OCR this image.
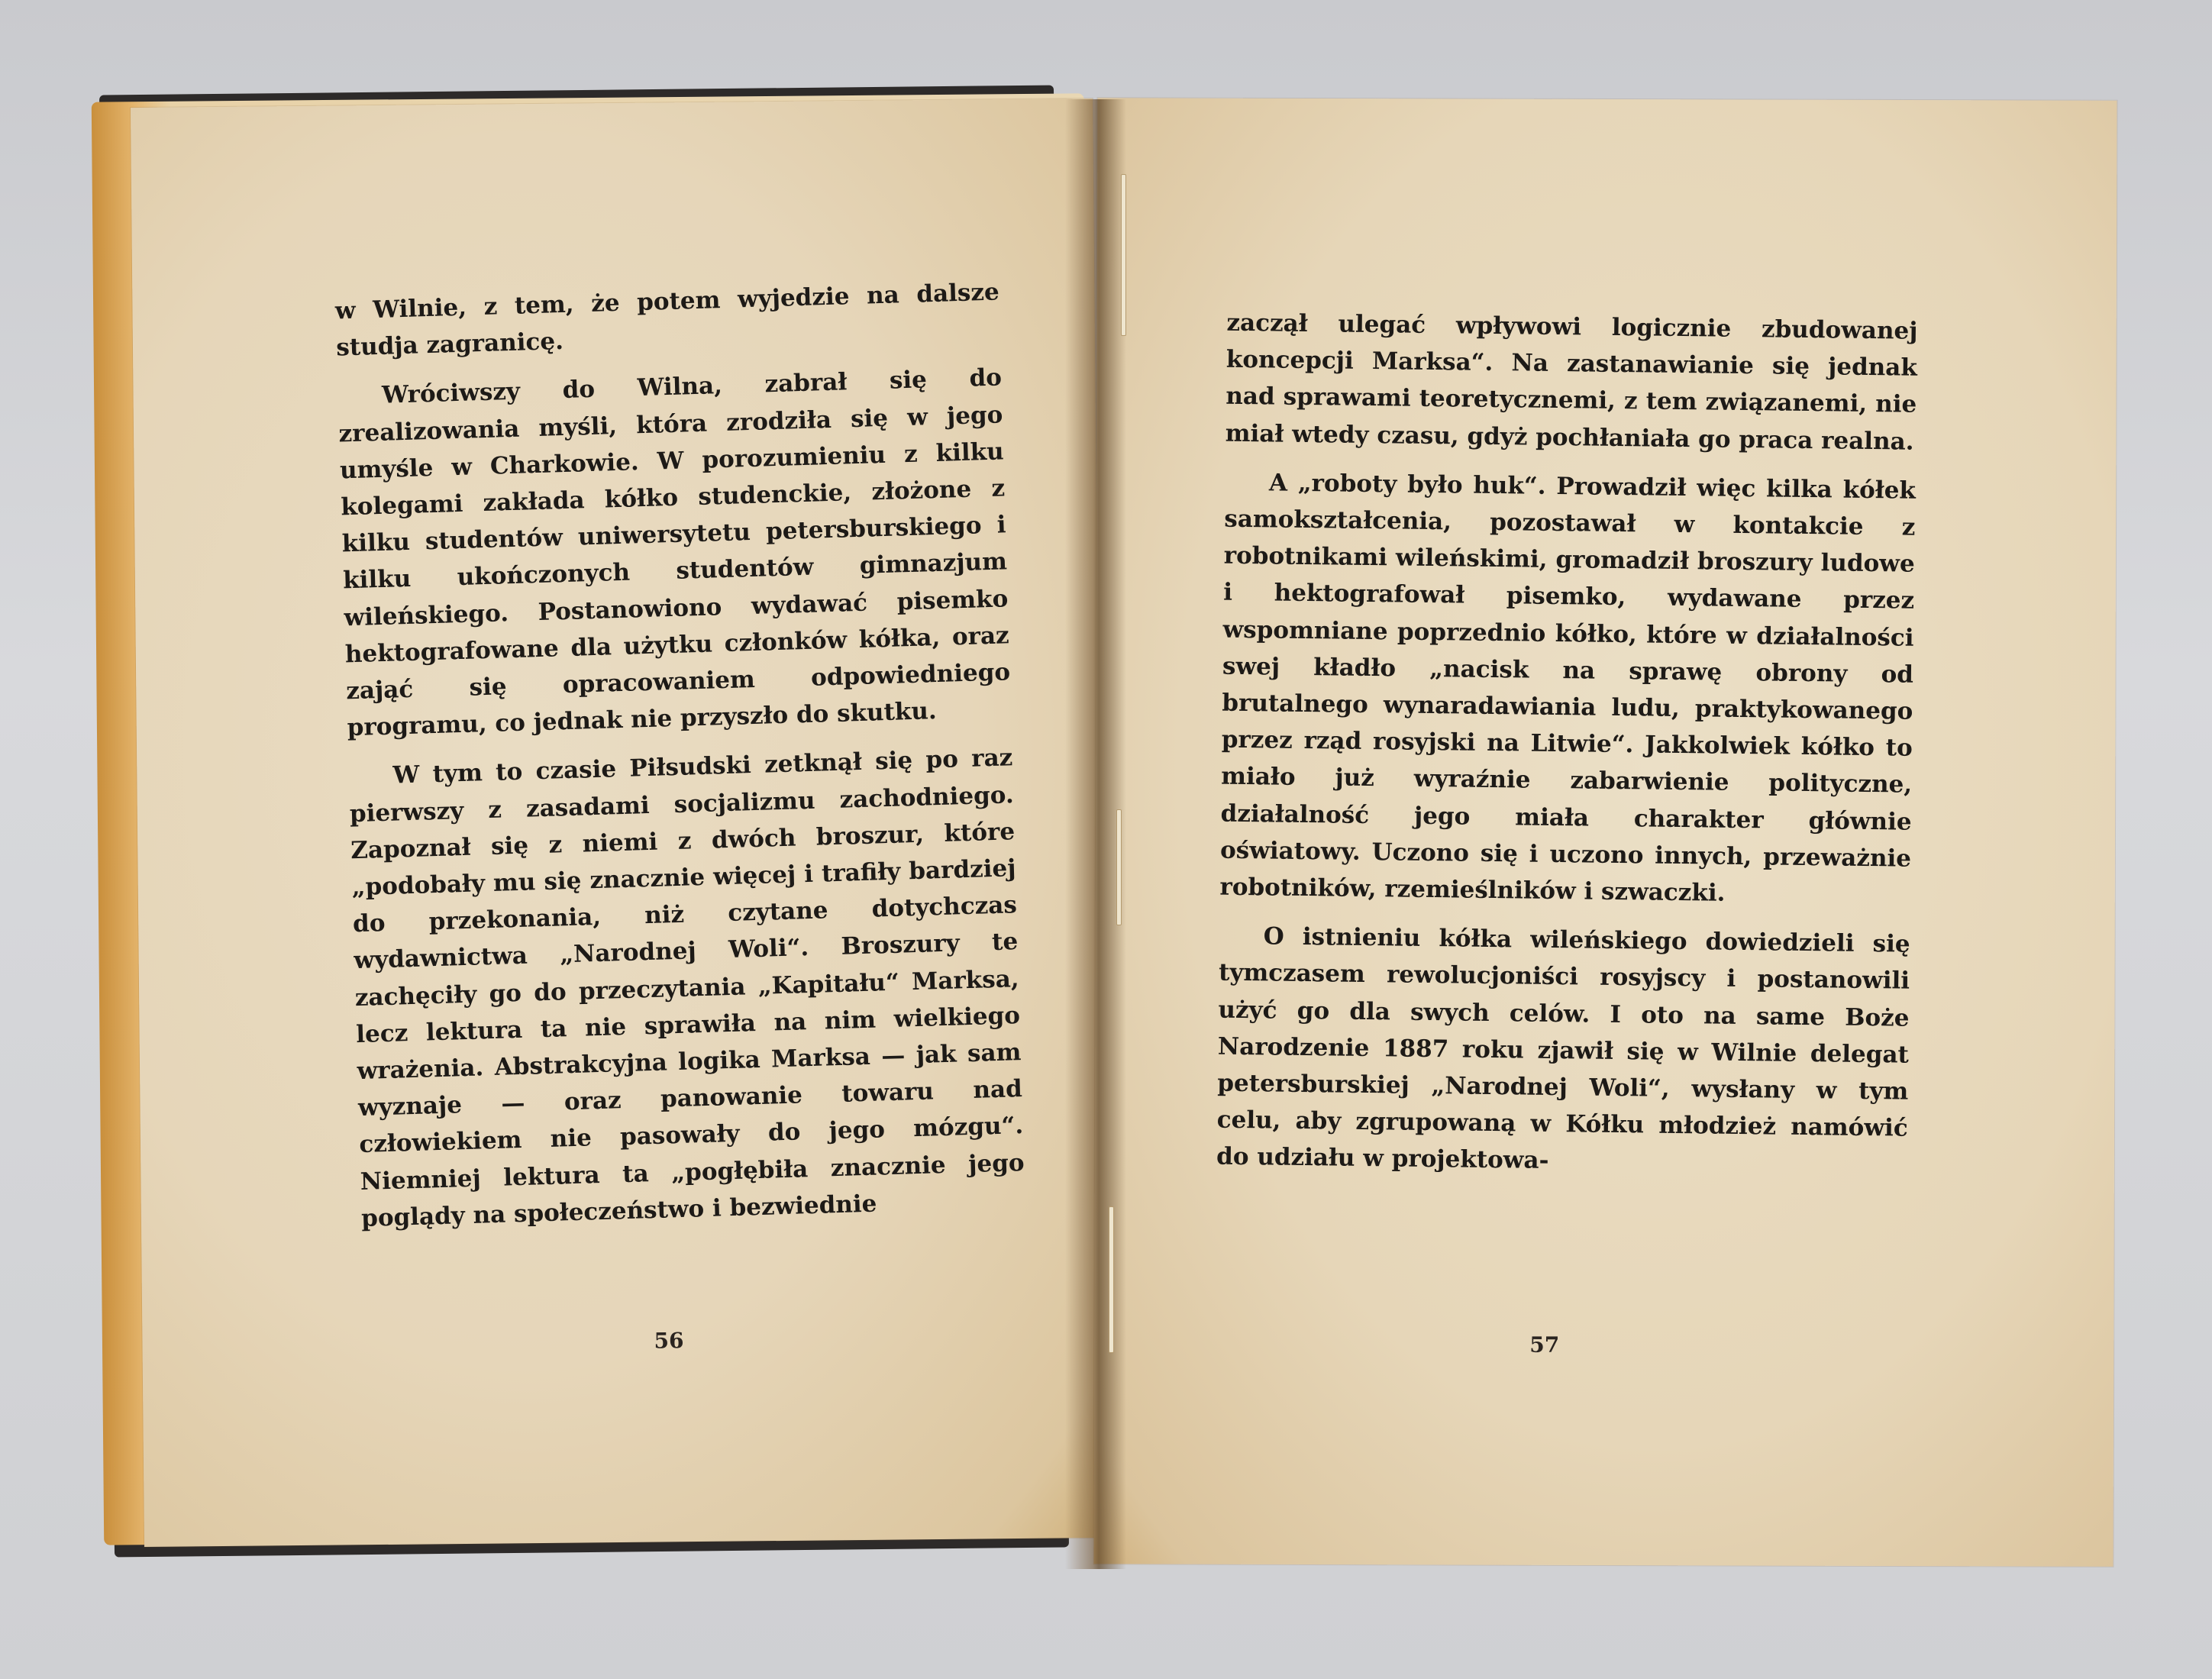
w Wilnie, z tem, że potem wyjedzie na dalsze studja zagranicę.

Wróciwszy do Wilna, zabrał się do zrealizowania myśli, która zrodziła się w jego umyśle w Charkowie. W porozumieniu z kilku kolegami zakłada kółko studenckie, złożone z kilku studentów uniwersytetu petersburskiego i kilku ukończonych studentów gimnazjum wileńskiego. Postanowiono wydawać pisemko hektografowane dla użytku członków kółka, oraz zająć się opracowaniem odpowiedniego programu, co jednak nie przyszło do skutku.

W tym to czasie Piłsudski zetknął się po raz pierwszy z zasadami socjalizmu zachodniego. Zapoznał się z niemi z dwóch broszur, które „podobały mu się znacznie więcej i trafiły bardziej do przekonania, niż czytane dotychczas wydawnictwa „Narodnej Woli“. Broszury te zachęciły go do przeczytania „Kapitału“ Marksa, lecz lektura ta nie sprawiła na nim wielkiego wrażenia. Abstrakcyjna logika Marksa — jak sam wyznaje — oraz panowanie towaru nad człowiekiem nie pasowały do jego mózgu“. Niemniej lektura ta „pogłębiła znacznie jego poglądy na społeczeństwo i bezwiednie

56

zaczął ulegać wpływowi logicznie zbudowanej koncepcji Marksa“. Na zastanawianie się jednak nad sprawami teoretycznemi, z tem związanemi, nie miał wtedy czasu, gdyż pochłaniała go praca realna.

A „roboty było huk“. Prowadził więc kilka kółek samokształcenia, pozostawał w kontakcie z robotnikami wileńskimi, gromadził broszury ludowe i hektografował pisemko, wydawane przez wspomniane poprzednio kółko, które w działalności swej kładło „nacisk na sprawę obrony od brutalnego wynaradawiania ludu, praktykowanego przez rząd rosyjski na Litwie“. Jakkolwiek kółko to miało już wyraźnie zabarwienie polityczne, działalność jego miała charakter głównie oświatowy. Uczono się i uczono innych, przeważnie robotników, rzemieślników i szwaczki.

O istnieniu kółka wileńskiego dowiedzieli się tymczasem rewolucjoniści rosyjscy i postanowili użyć go dla swych celów. I oto na same Boże Narodzenie 1887 roku zjawił się w Wilnie delegat petersburskiej „Narodnej Woli“, wysłany w tym celu, aby zgrupowaną w Kółku młodzież namówić do udziału w projektowa-

57
